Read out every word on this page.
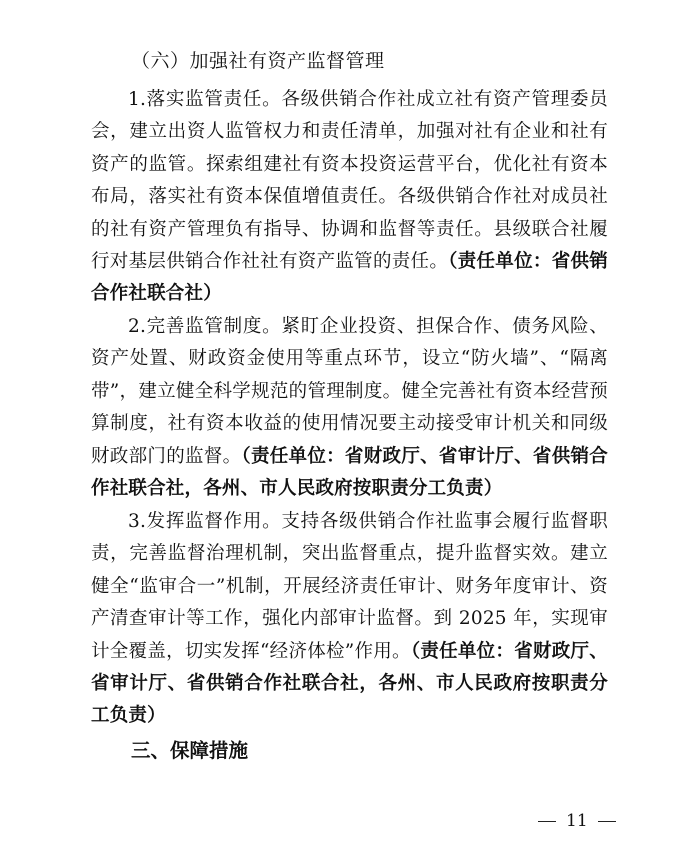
（六）加强社有资产监督管理
1.落实监管责任。各级供销合作社成立社有资产管理委员会，建立出资人监管权力和责任清单，加强对社有企业和社有资产的监管。探索组建社有资本投资运营平台，优化社有资本布局，落实社有资本保值增值责任。各级供销合作社对成员社的社有资产管理负有指导、协调和监督等责任。县级联合社履行对基层供销合作社社有资产监管的责任。（责任单位：省供销合作社联合社）
2.完善监管制度。紧盯企业投资、担保合作、债务风险、资产处置、财政资金使用等重点环节，设立“防火墙”、“隔离带”，建立健全科学规范的管理制度。健全完善社有资本经营预算制度，社有资本收益的使用情况要主动接受审计机关和同级财政部门的监督。（责任单位：省财政厅、省审计厅、省供销合作社联合社，各州、市人民政府按职责分工负责）
3.发挥监督作用。支持各级供销合作社监事会履行监督职责，完善监督治理机制，突出监督重点，提升监督实效。建立健全“监审合一”机制，开展经济责任审计、财务年度审计、资产清查审计等工作，强化内部审计监督。到 2025 年，实现审计全覆盖，切实发挥“经济体检”作用。（责任单位：省财政厅、省审计厅、省供销合作社联合社，各州、市人民政府按职责分工负责）
三、保障措施
11
